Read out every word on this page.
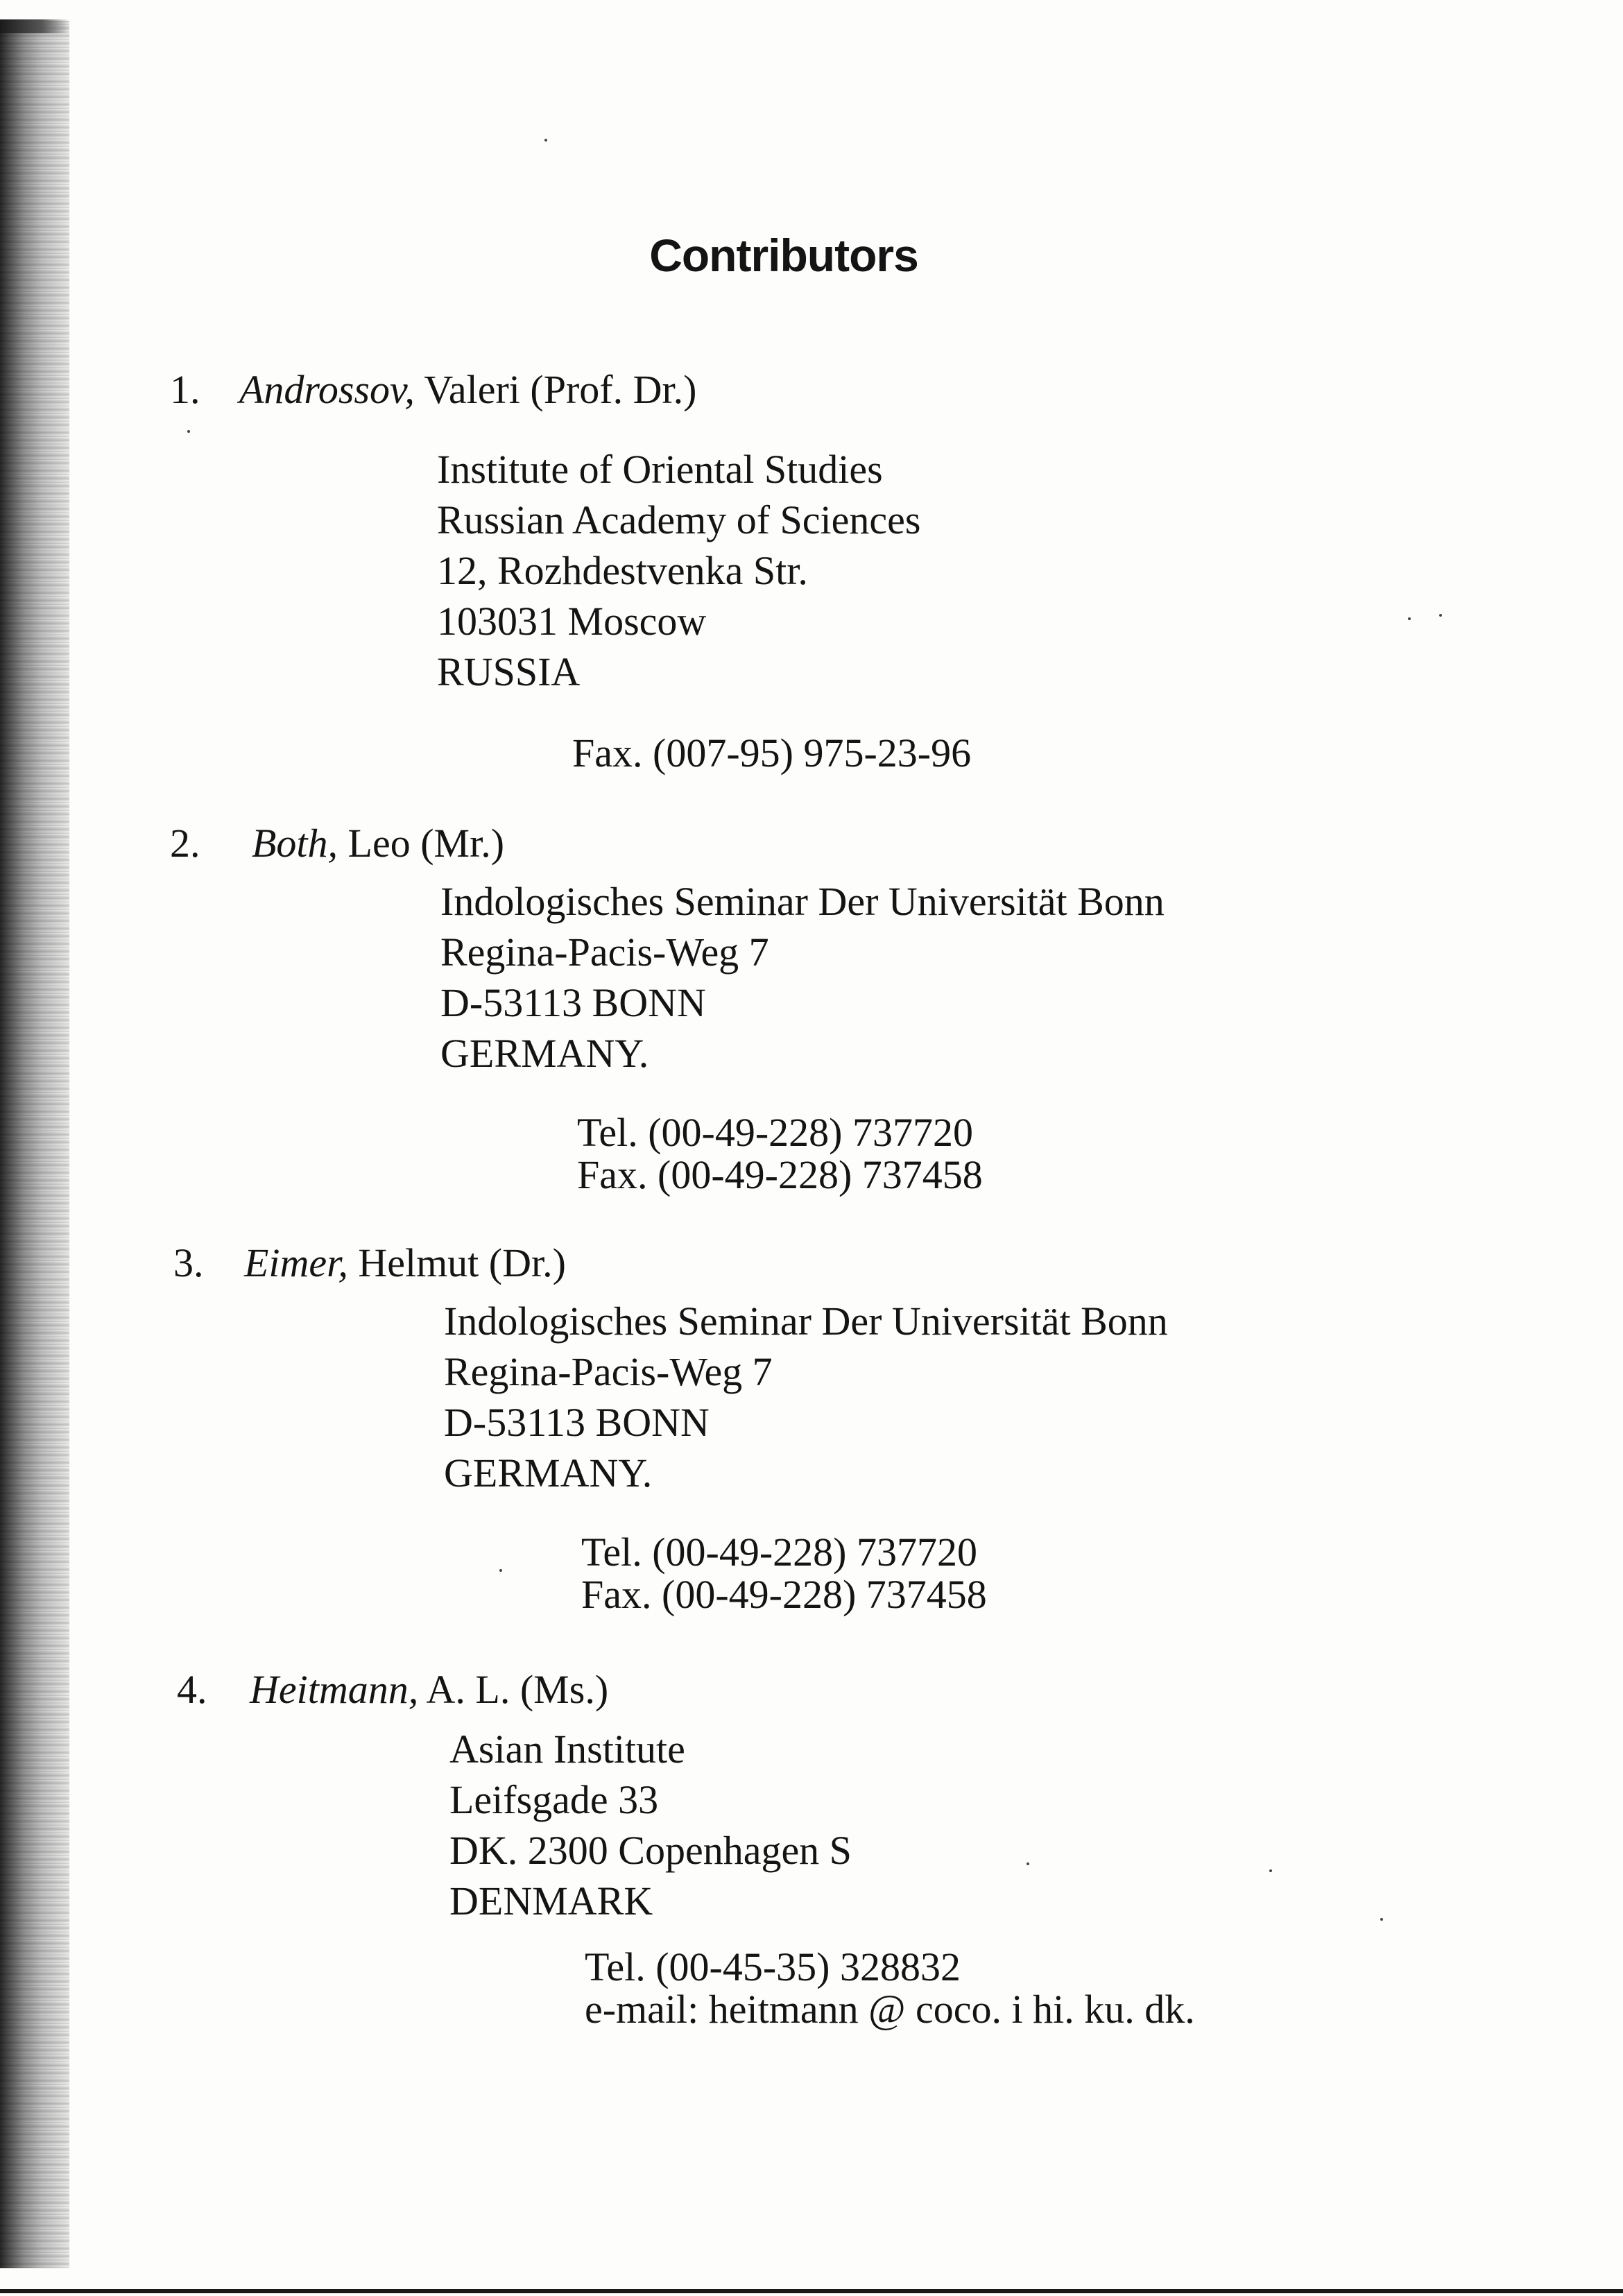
Contributors
1. Androssov, Valeri (Prof. Dr.)
Institute of Oriental Studies
Russian Academy of Sciences
12, Rozhdestvenka Str.
103031 Moscow
RUSSIA
Fax. (007-95) 975-23-96
2. Both, Leo (Mr.)
Indologisches Seminar Der Universität Bonn
Regina-Pacis-Weg 7
D-53113 BONN
GERMANY.
Tel. (00-49-228) 737720
Fax. (00-49-228) 737458
3. Eimer, Helmut (Dr.)
Indologisches Seminar Der Universität Bonn
Regina-Pacis-Weg 7
D-53113 BONN
GERMANY.
Tel. (00-49-228) 737720
Fax. (00-49-228) 737458
4. Heitmann, A. L. (Ms.)
Asian Institute
Leifsgade 33
DK. 2300 Copenhagen S
DENMARK
Tel. (00-45-35) 328832
e-mail: heitmann @ coco. i hi. ku. dk.
